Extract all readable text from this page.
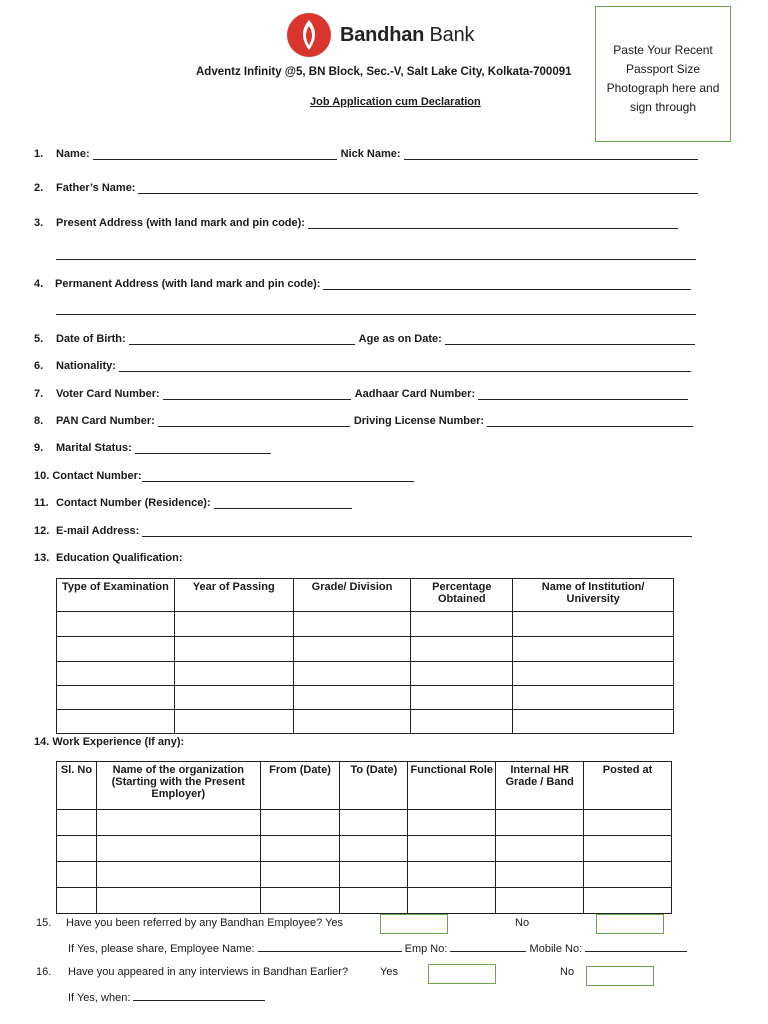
Bandhan Bank
Adventz Infinity @5, BN Block, Sec.-V, Salt Lake City, Kolkata-700091
Job Application cum Declaration
Paste Your Recent Passport Size Photograph here and sign through
1.	Name:	Nick Name:
2.	Father’s Name:
3.	Present Address (with land mark and pin code):
4.	Permanent Address (with land mark and pin code):
5.	Date of Birth:	Age as on Date:
6.	Nationality:
7.	Voter Card Number:	Aadhaar Card Number:
8.	PAN Card Number:	Driving License Number:
9.	Marital Status:
10. Contact Number:
11. Contact Number (Residence):
12. E-mail Address:
13. Education Qualification:
Type of Examination	Year of Passing	Grade/ Division	Percentage Obtained	Name of Institution/ University

14. Work Experience (If any):
Sl. No	Name of the organization (Starting with the Present Employer)	From (Date)	To (Date)	Functional Role	Internal HR Grade / Band	Posted at

15. Have you been referred by any Bandhan Employee? Yes	No
If Yes, please share, Employee Name:	Emp No:	Mobile No:
16. Have you appeared in any interviews in Bandhan Earlier?	Yes	No
If Yes, when:
